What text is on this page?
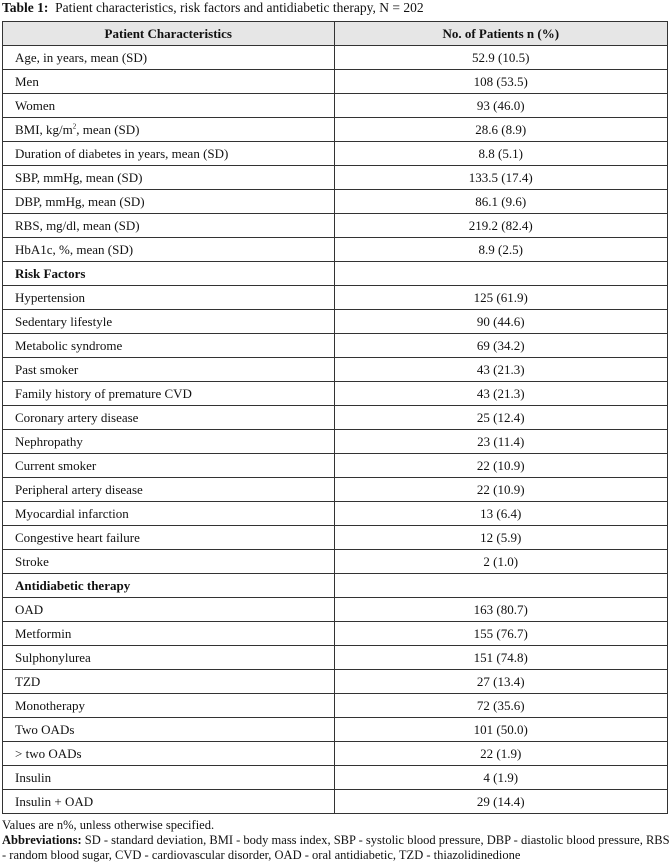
Table 1: Patient characteristics, risk factors and antidiabetic therapy, N = 202
Patient Characteristics	No. of Patients n (%)
Age, in years, mean (SD)	52.9 (10.5)
Men	108 (53.5)
Women	93 (46.0)
BMI, $kg/m^2$, mean (SD)	28.6 (8.9)
Duration of diabetes in years, mean (SD)	8.8 (5.1)
SBP, mmHg, mean (SD)	133.5 (17.4)
DBP, mmHg, mean (SD)	86.1 (9.6)
RBS, mg/dl, mean (SD)	219.2 (82.4)
HbA1c, %, mean (SD)	8.9 (2.5)
Risk Factors	
Hypertension	125 (61.9)
Sedentary lifestyle	90 (44.6)
Metabolic syndrome	69 (34.2)
Past smoker	43 (21.3)
Family history of premature CVD	43 (21.3)
Coronary artery disease	25 (12.4)
Nephropathy	23 (11.4)
Current smoker	22 (10.9)
Peripheral artery disease	22 (10.9)
Myocardial infarction	13 (6.4)
Congestive heart failure	12 (5.9)
Stroke	2 (1.0)
Antidiabetic therapy	
OAD	163 (80.7)
Metformin	155 (76.7)
Sulphonylurea	151 (74.8)
TZD	27 (13.4)
Monotherapy	72 (35.6)
Two OADs	101 (50.0)
> two OADs	22 (1.9)
Insulin	4 (1.9)
Insulin + OAD	29 (14.4)
Values are n%, unless otherwise specified.
Abbreviations: SD - standard deviation, BMI - body mass index, SBP - systolic blood pressure, DBP - diastolic blood pressure, RBS - random blood sugar, CVD - cardiovascular disorder, OAD - oral antidiabetic, TZD - thiazolidinedione
